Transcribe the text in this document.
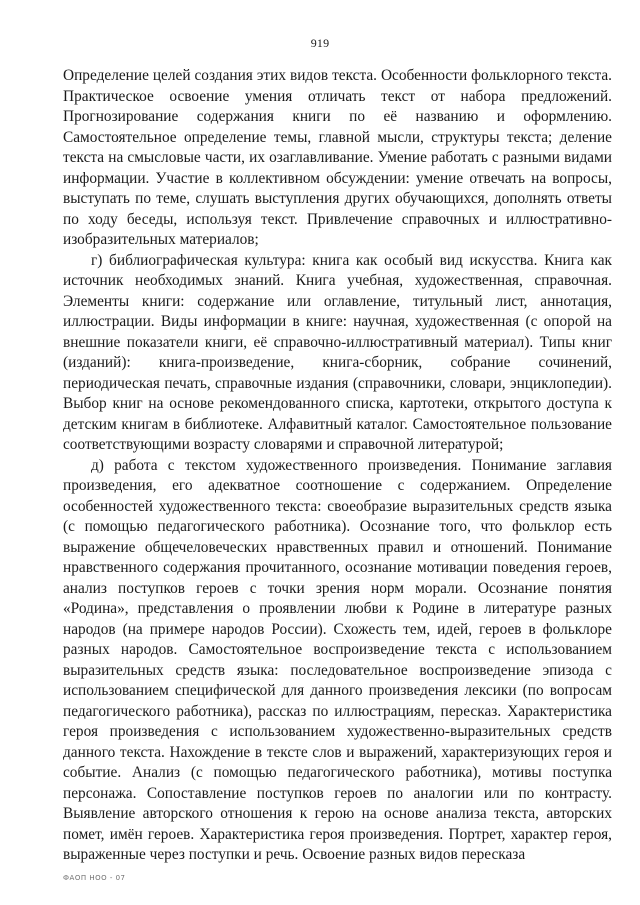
919

Определение целей создания этих видов текста. Особенности фольклорного текста. Практическое освоение умения отличать текст от набора предложений. Прогнозирование содержания книги по её названию и оформлению. Самостоятельное определение темы, главной мысли, структуры текста; деление текста на смысловые части, их озаглавливание. Умение работать с разными видами информации. Участие в коллективном обсуждении: умение отвечать на вопросы, выступать по теме, слушать выступления других обучающихся, дополнять ответы по ходу беседы, используя текст. Привлечение справочных и иллюстративно-изобразительных материалов;

г) библиографическая культура: книга как особый вид искусства. Книга как источник необходимых знаний. Книга учебная, художественная, справочная. Элементы книги: содержание или оглавление, титульный лист, аннотация, иллюстрации. Виды информации в книге: научная, художественная (с опорой на внешние показатели книги, её справочно-иллюстративный материал). Типы книг (изданий): книга-произведение, книга-сборник, собрание сочинений, периодическая печать, справочные издания (справочники, словари, энциклопедии). Выбор книг на основе рекомендованного списка, картотеки, открытого доступа к детским книгам в библиотеке. Алфавитный каталог. Самостоятельное пользование соответствующими возрасту словарями и справочной литературой;

д) работа с текстом художественного произведения. Понимание заглавия произведения, его адекватное соотношение с содержанием. Определение особенностей художественного текста: своеобразие выразительных средств языка (с помощью педагогического работника). Осознание того, что фольклор есть выражение общечеловеческих нравственных правил и отношений. Понимание нравственного содержания прочитанного, осознание мотивации поведения героев, анализ поступков героев с точки зрения норм морали. Осознание понятия «Родина», представления о проявлении любви к Родине в литературе разных народов (на примере народов России). Схожесть тем, идей, героев в фольклоре разных народов. Самостоятельное воспроизведение текста с использованием выразительных средств языка: последовательное воспроизведение эпизода с использованием специфической для данного произведения лексики (по вопросам педагогического работника), рассказ по иллюстрациям, пересказ. Характеристика героя произведения с использованием художественно-выразительных средств данного текста. Нахождение в тексте слов и выражений, характеризующих героя и событие. Анализ (с помощью педагогического работника), мотивы поступка персонажа. Сопоставление поступков героев по аналогии или по контрасту. Выявление авторского отношения к герою на основе анализа текста, авторских помет, имён героев. Характеристика героя произведения. Портрет, характер героя, выраженные через поступки и речь. Освоение разных видов пересказа

ФАОП НОО - 07
